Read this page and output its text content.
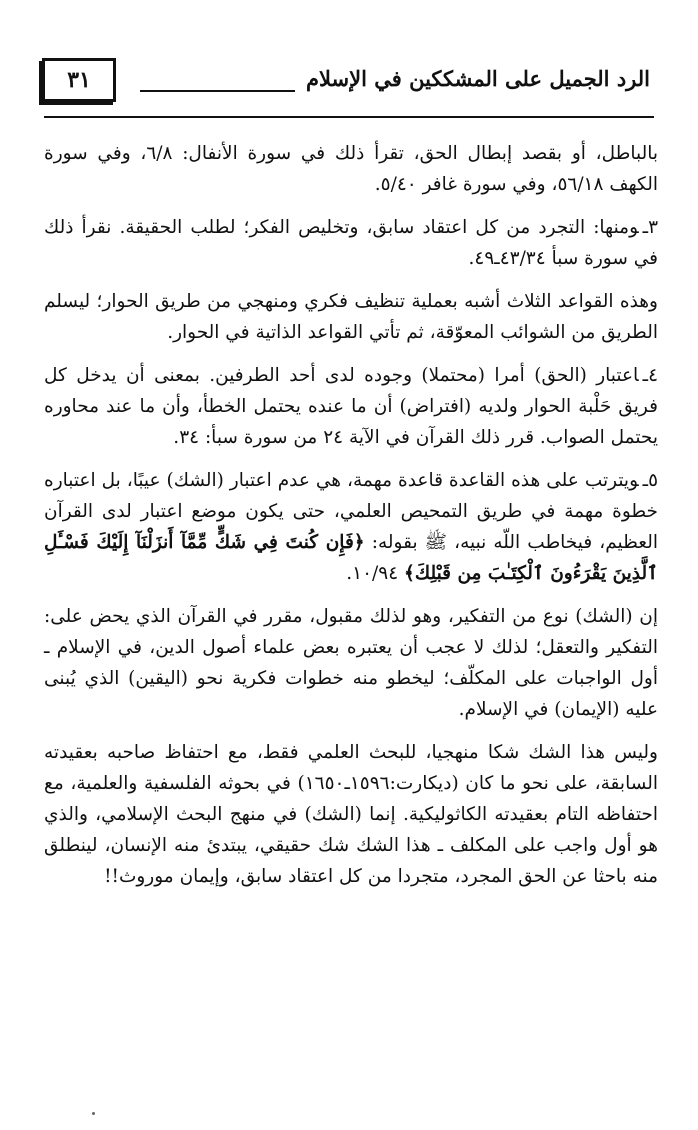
الرد الجميل على المشككين في الإسلام
٣١

بالباطل، أو بقصد إبطال الحق، تقرأ ذلك في سورة الأنفال: ٦/٨، وفي سورة الكهف ٥٦/١٨، وفي سورة غافر ٥/٤٠.

٣ـومنها: التجرد من كل اعتقاد سابق، وتخليص الفكر؛ لطلب الحقيقة. نقرأ ذلك في سورة سبأ ٤٣/٣٤ـ٤٩.

وهذه القواعد الثلاث أشبه بعملية تنظيف فكري ومنهجي من طريق الحوار؛ ليسلم الطريق من الشوائب المعوّقة، ثم تأتي القواعد الذاتية في الحوار.

٤ـاعتبار (الحق) أمرا (محتملا) وجوده لدى أحد الطرفين. بمعنى أن يدخل كل فريق حَلْبة الحوار ولديه (افتراض) أن ما عنده يحتمل الخطأ، وأن ما عند محاوره يحتمل الصواب. قرر ذلك القرآن في الآية ٢٤ من سورة سبأ: ٣٤.

٥ـويترتب على هذه القاعدة قاعدة مهمة، هي عدم اعتبار (الشك) عيبًا، بل اعتباره خطوة مهمة في طريق التمحيص العلمي، حتى يكون موضع اعتبار لدى القرآن العظيم، فيخاطب اللّه نبيه، ﷺ بقوله: ﴿فَإِن كُنتَ فِي شَكٍّ مِّمَّآ أَنزَلْنَآ إِلَيْكَ فَسْـَٔلِ ٱلَّذِينَ يَقْرَءُونَ ٱلْكِتَـٰبَ مِن قَبْلِكَ﴾ ١٠/٩٤.

إن (الشك) نوع من التفكير، وهو لذلك مقبول، مقرر في القرآن الذي يحض على: التفكير والتعقل؛ لذلك لا عجب أن يعتبره بعض علماء أصول الدين، في الإسلام ـ أول الواجبات على المكلّف؛ ليخطو منه خطوات فكرية نحو (اليقين) الذي يُبنى عليه (الإيمان) في الإسلام.

وليس هذا الشك شكا منهجيا، للبحث العلمي فقط، مع احتفاظ صاحبه بعقيدته السابقة، على نحو ما كان (ديكارت:١٥٩٦ـ١٦٥٠) في بحوثه الفلسفية والعلمية، مع احتفاظه التام بعقيدته الكاثوليكية. إنما (الشك) في منهج البحث الإسلامي، والذي هو أول واجب على المكلف ـ هذا الشك شك حقيقي، يبتدئ منه الإنسان، لينطلق منه باحثا عن الحق المجرد، متجردا من كل اعتقاد سابق، وإيمان موروث!!
